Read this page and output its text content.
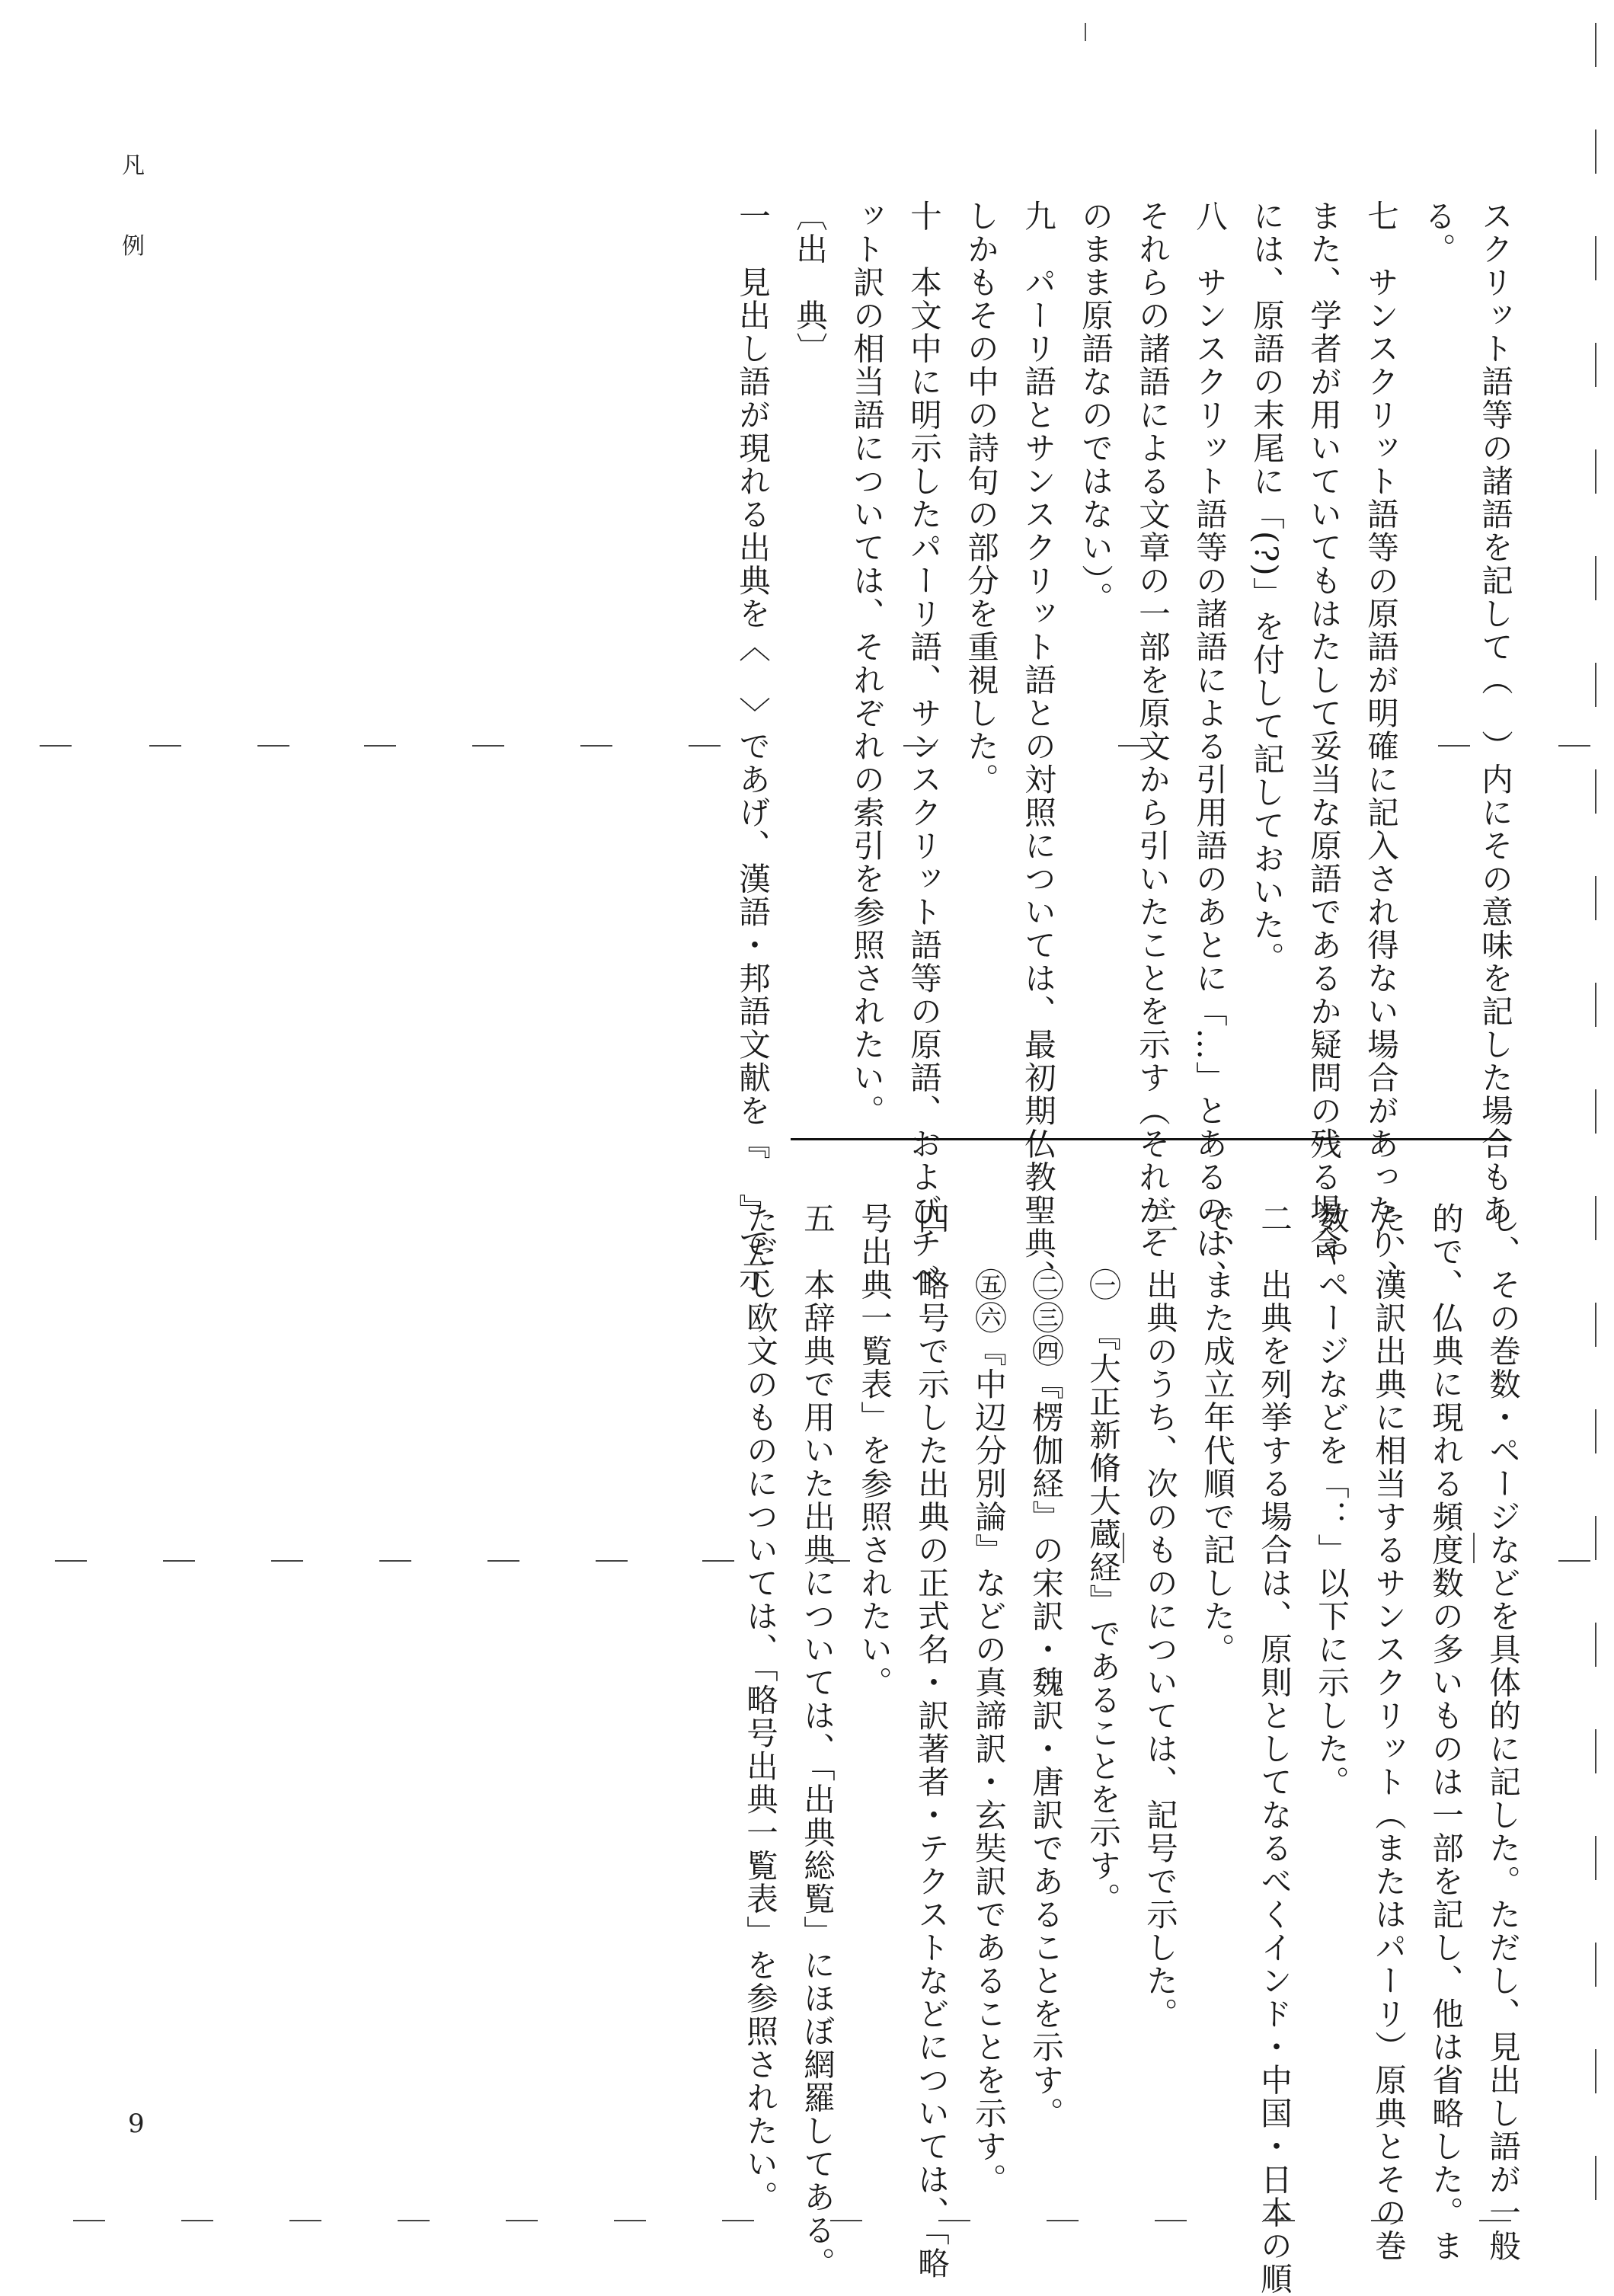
凡
例
9

スクリット語等の諸語を記して（　）内にその意味を記した場合もあ

る。

七　サンスクリット語等の原語が明確に記入され得ない場合があったり、

また、学者が用いていてもはたして妥当な原語であるか疑問の残る場合

には、原語の末尾に「(?)」を付して記しておいた。

八　サンスクリット語等の諸語による引用語のあとに「…」とあるのは、

それらの諸語による文章の一部を原文から引いたことを示す（それがそ

のまま原語なのではない）。

九　パーリ語とサンスクリット語との対照については、最初期仏教聖典、

しかもその中の詩句の部分を重視した。

十　本文中に明示したパーリ語、サンスクリット語等の原語、およびチベ

ット訳の相当語については、それぞれの索引を参照されたい。

〔出　典〕

一　見出し語が現れる出典を〈　〉であげ、漢語・邦語文献を『　』で示

し、その巻数・ページなどを具体的に記した。ただし、見出し語が一般

的で、仏典に現れる頻度数の多いものは一部を記し、他は省略した。ま

た、漢訳出典に相当するサンスクリット（またはパーリ）原典とその巻

数やページなどを「：」以下に示した。

二　出典を列挙する場合は、原則としてなるべくインド・中国・日本の順

で、また成立年代順で記した。

三　出典のうち、次のものについては、記号で示した。

　　㊀　『大正新脩大蔵経』であることを示す。

　　㊁㊂㊃『楞伽経』の宋訳・魏訳・唐訳であることを示す。

　　㊄㊅『中辺分別論』などの真諦訳・玄奘訳であることを示す。

四　略号で示した出典の正式名・訳著者・テクストなどについては、「略

号出典一覧表」を参照されたい。

五　本辞典で用いた出典については、「出典総覧」にほぼ網羅してある。

ただし欧文のものについては、「略号出典一覧表」を参照されたい。
